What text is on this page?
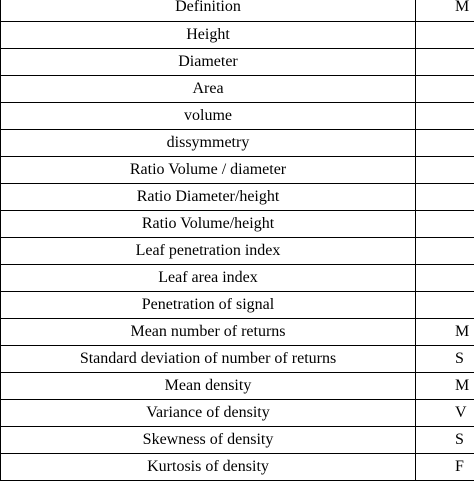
Definition	M
Height	
Diameter	
Area	
volume	
dissymmetry	
Ratio Volume / diameter	
Ratio Diameter/height	
Ratio Volume/height	
Leaf penetration index	
Leaf area index	
Penetration of signal	
Mean number of returns	M
Standard deviation of number of returns	S
Mean density	M
Variance of density	V
Skewness of density	S
Kurtosis of density	F
